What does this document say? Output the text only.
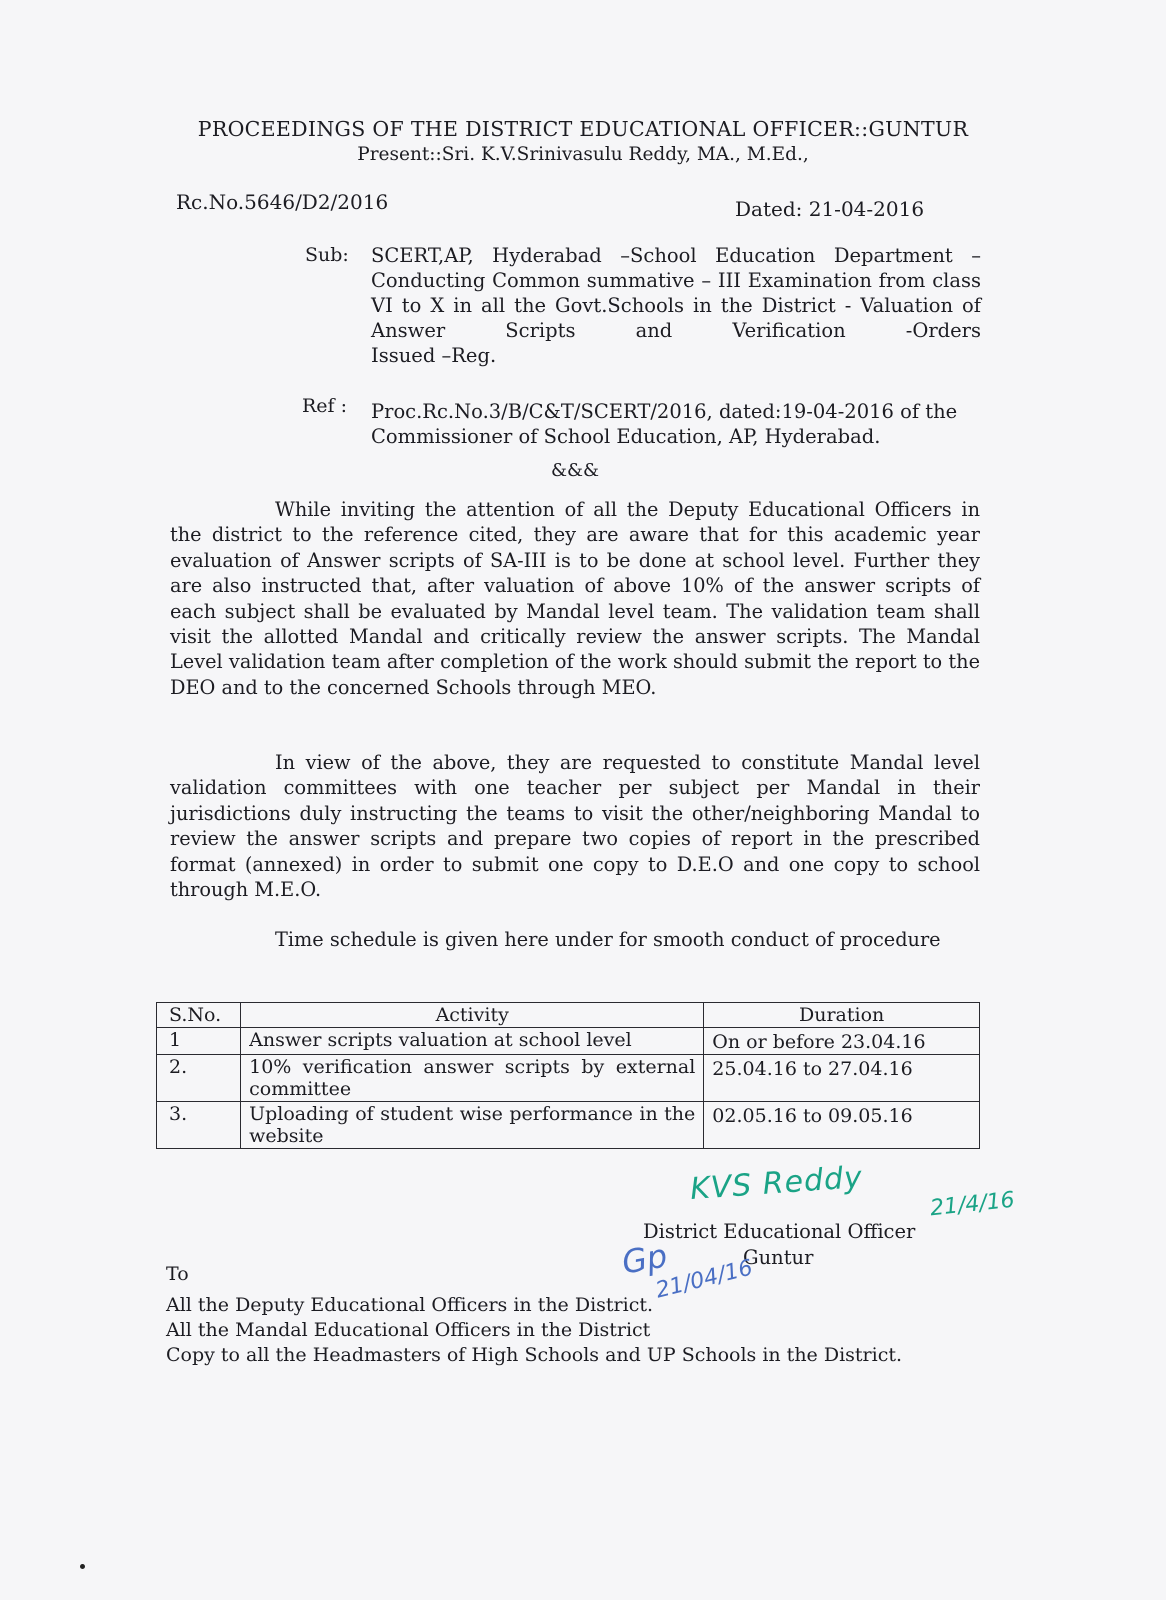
PROCEEDINGS OF THE DISTRICT EDUCATIONAL OFFICER::GUNTUR
Present::Sri. K.V.Srinivasulu Reddy, MA., M.Ed.,
Rc.No.5646/D2/2016	Dated: 21-04-2016
Sub: SCERT,AP, Hyderabad –School Education Department – Conducting Common summative – III Examination from class VI to X in all the Govt.Schools in the District - Valuation of Answer Scripts and Verification -Orders
Issued –Reg.
Ref : Proc.Rc.No.3/B/C&T/SCERT/2016, dated:19-04-2016 of the Commissioner of School Education, AP, Hyderabad.
&&&
While inviting the attention of all the Deputy Educational Officers in the district to the reference cited, they are aware that for this academic year evaluation of Answer scripts of SA-III is to be done at school level. Further they are also instructed that, after valuation of above 10% of the answer scripts of each subject shall be evaluated by Mandal level team. The validation team shall visit the allotted Mandal and critically review the answer scripts. The Mandal Level validation team after completion of the work should submit the report to the DEO and to the concerned Schools through MEO.
In view of the above, they are requested to constitute Mandal level validation committees with one teacher per subject per Mandal in their jurisdictions duly instructing the teams to visit the other/neighboring Mandal to review the answer scripts and prepare two copies of report in the prescribed format (annexed) in order to submit one copy to D.E.O and one copy to school through M.E.O.
Time schedule is given here under for smooth conduct of procedure
S.No.	Activity	Duration
1	Answer scripts valuation at school level	On or before 23.04.16
2.	10% verification answer scripts by external committee	25.04.16 to 27.04.16
3.	Uploading of student wise performance in the website	02.05.16 to 09.05.16
KVS Reddy	21/4/16
District Educational Officer
Guntur
Gp
21/04/16
To
All the Deputy Educational Officers in the District.
All the Mandal Educational Officers in the District
Copy to all the Headmasters of High Schools and UP Schools in the District.
